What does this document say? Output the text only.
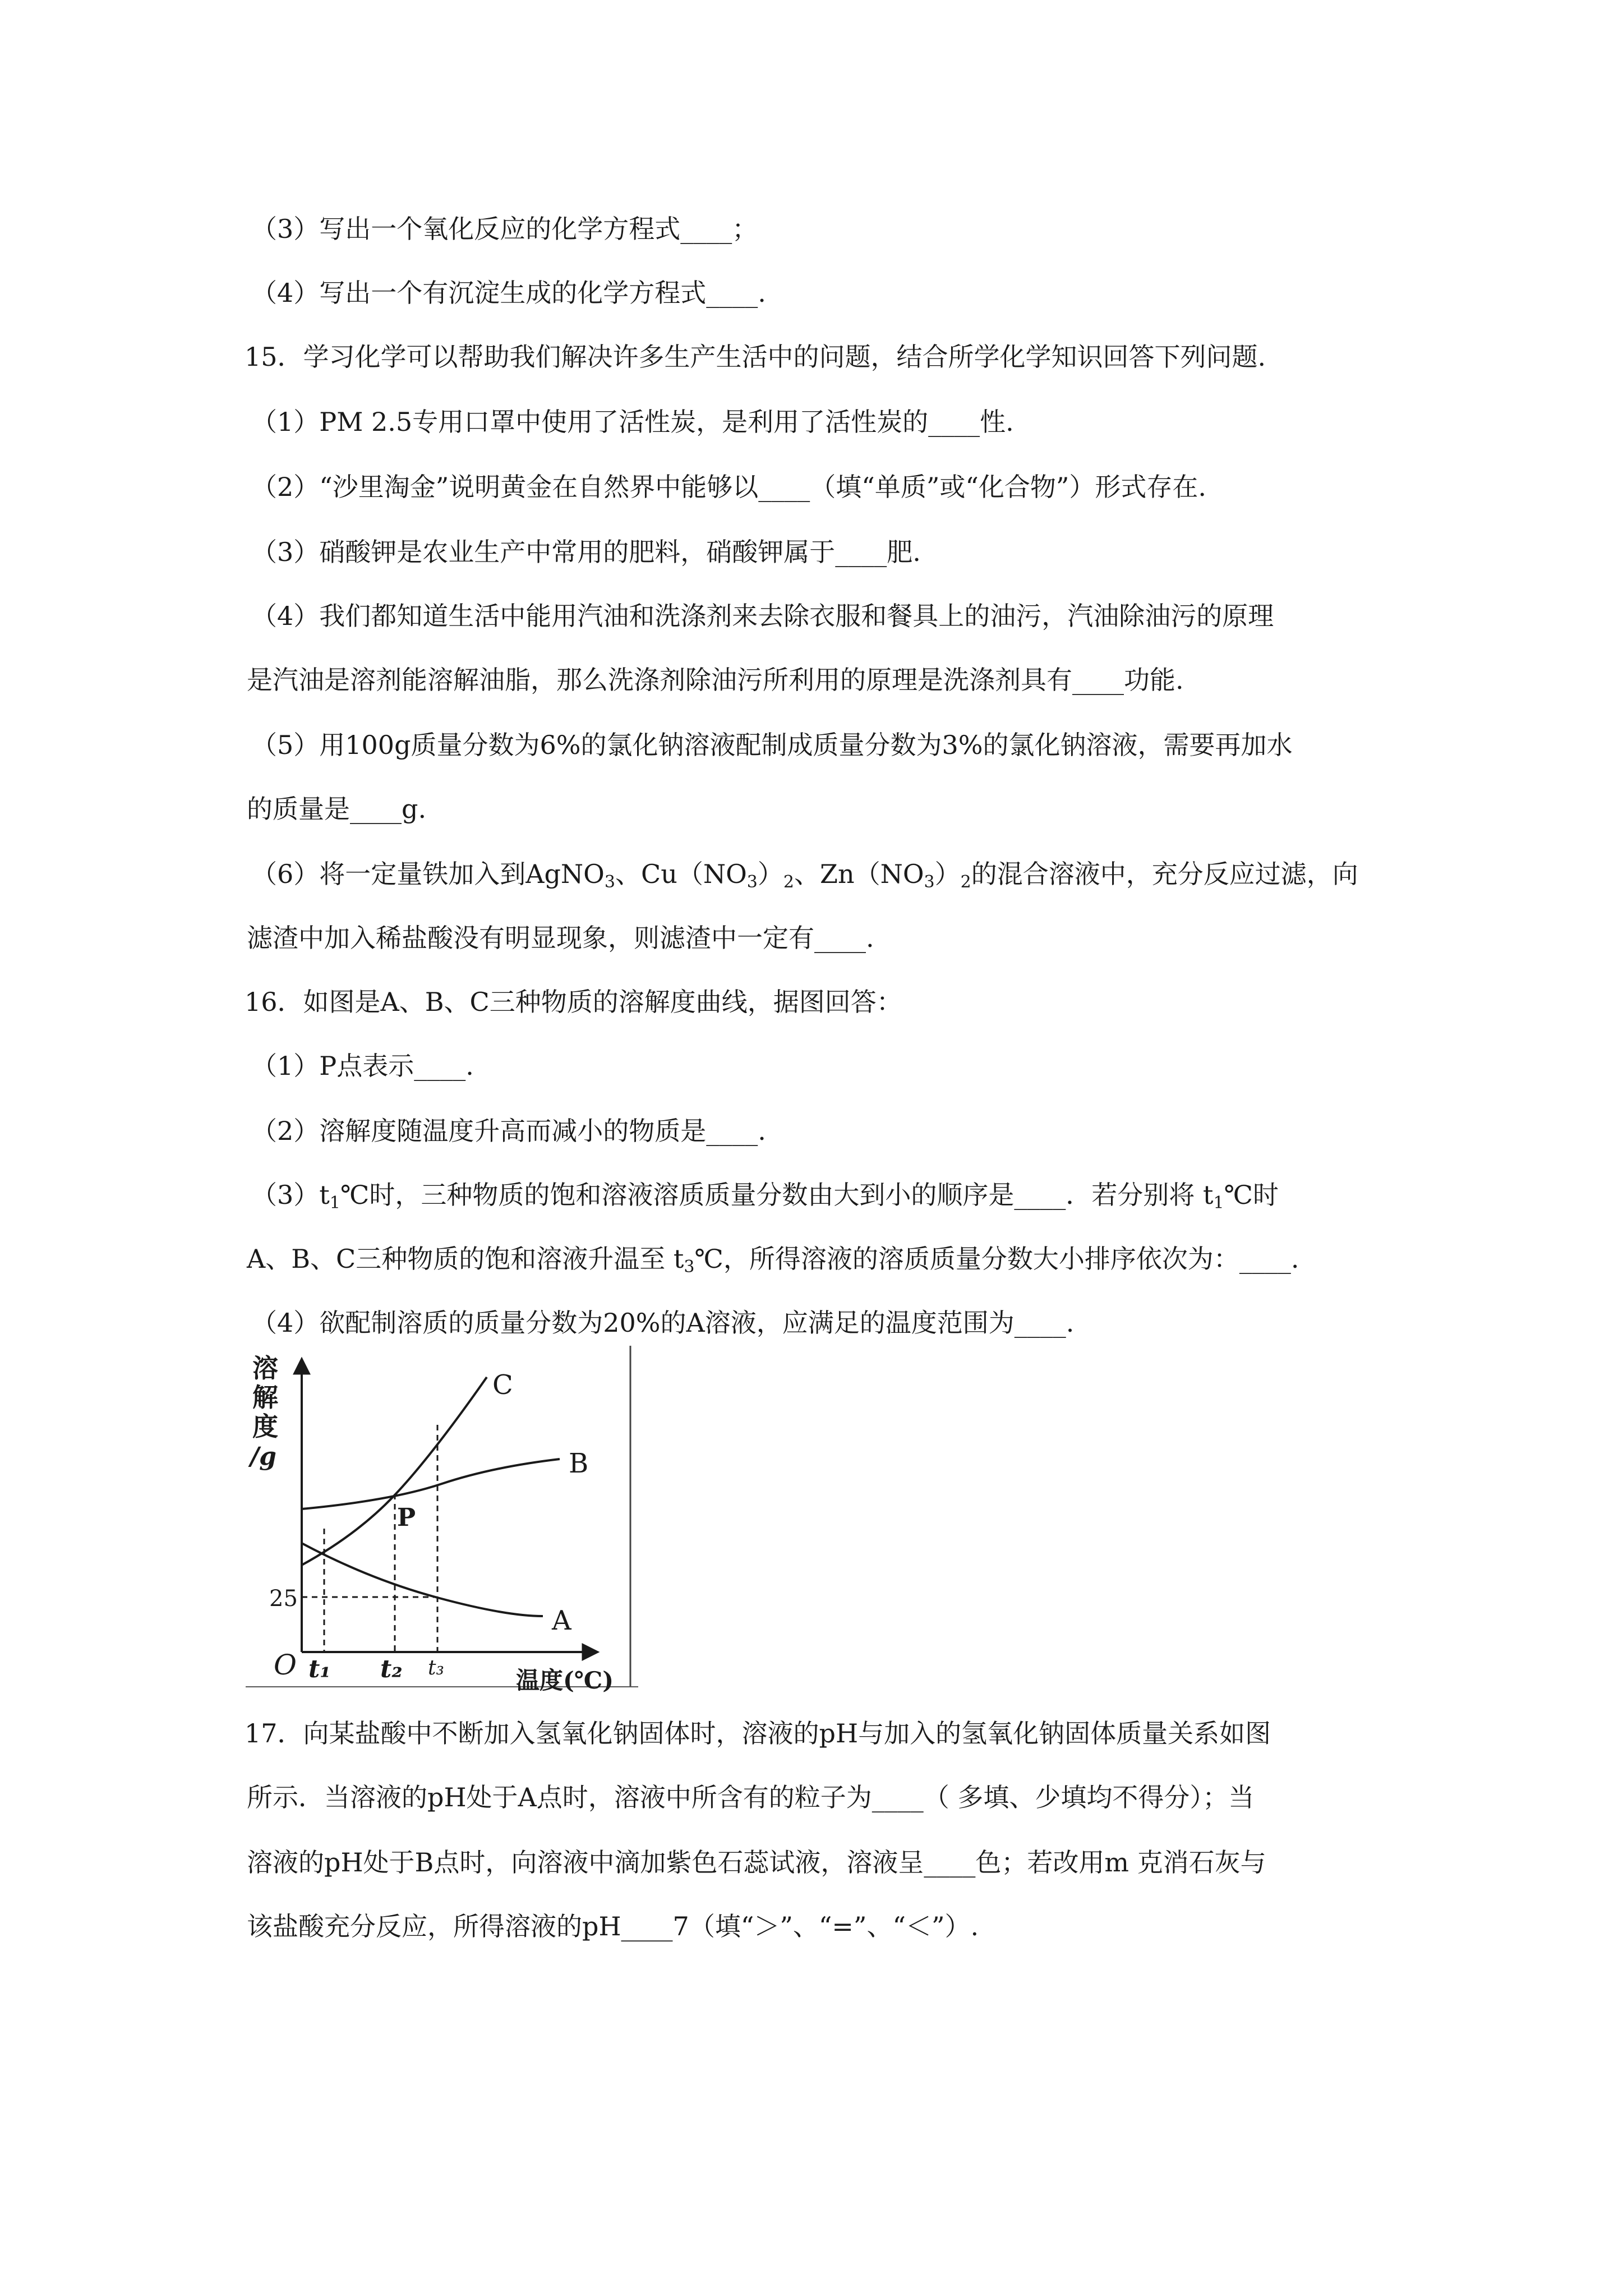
（3）写出一个氧化反应的化学方程式____；
（4）写出一个有沉淀生成的化学方程式____.
15．学习化学可以帮助我们解决许多生产生活中的问题，结合所学化学知识回答下列问题.
（1）PM 2.5专用口罩中使用了活性炭，是利用了活性炭的____性.
（2）“沙里淘金”说明黄金在自然界中能够以____（填“单质”或“化合物”）形式存在.
（3）硝酸钾是农业生产中常用的肥料，硝酸钾属于____肥.
（4）我们都知道生活中能用汽油和洗涤剂来去除衣服和餐具上的油污，汽油除油污的原理
是汽油是溶剂能溶解油脂，那么洗涤剂除油污所利用的原理是洗涤剂具有____功能.
（5）用100g质量分数为6%的氯化钠溶液配制成质量分数为3%的氯化钠溶液，需要再加水
的质量是____g.
（6）将一定量铁加入到AgNO$_3$、$Cu(NO_3)_2$、$Zn(NO_3)_2$的混合溶液中，充分反应过滤，向
滤渣中加入稀盐酸没有明显现象，则滤渣中一定有____.
16．如图是A、B、C三种物质的溶解度曲线，据图回答：
（1）P点表示____.
（2）溶解度随温度升高而减小的物质是____.
$(3)t_1℃$时，三种物质的饱和溶液溶质质量分数由大到小的顺序是____．若分别将 $t_1℃$时
A、B、C三种物质的饱和溶液升温至 $t_3℃$，所得溶液的溶质质量分数大小排序依次为：____.
（4）欲配制溶质的质量分数为20%的A溶液，应满足的温度范围为____.
溶
解
度
/g
C
B
A
P
25
O t₁ t₂ t₃	温度(℃)
17．向某盐酸中不断加入氢氧化钠固体时，溶液的pH与加入的氢氧化钠固体质量关系如图
所示．当溶液的pH处于A点时，溶液中所含有的粒子为____（ 多填、少填均不得分）；当
溶液的pH处于B点时，向溶液中滴加紫色石蕊试液，溶液呈____色；若改用m 克消石灰与
该盐酸充分反应，所得溶液的pH____7（填“＞”、“=”、“＜”）.
